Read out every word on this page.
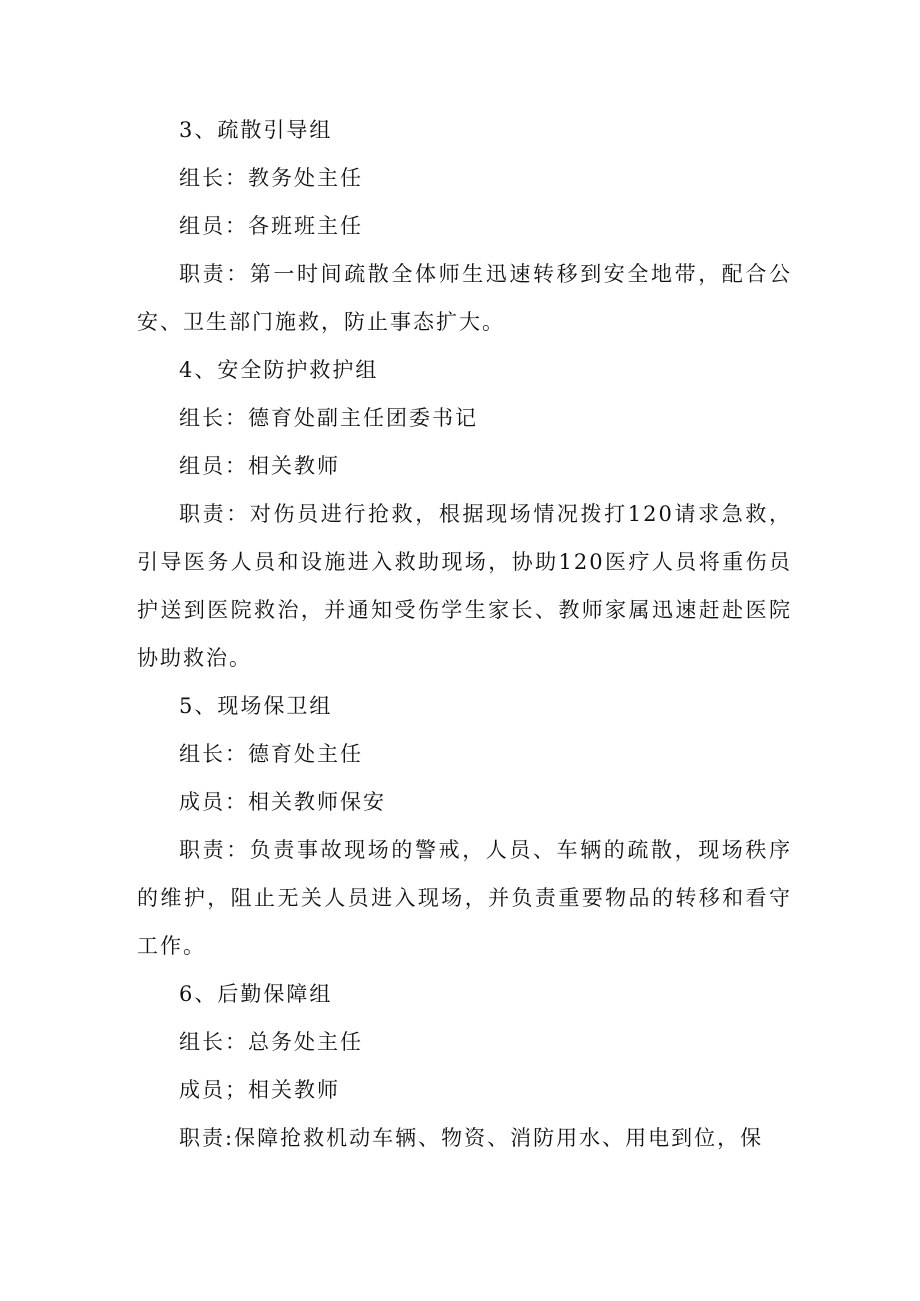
3、疏散引导组

组长：教务处主任

组员：各班班主任

职责：第一时间疏散全体师生迅速转移到安全地带，配合公安、卫生部门施救，防止事态扩大。

4、安全防护救护组

组长：德育处副主任团委书记

组员：相关教师

职责：对伤员进行抢救，根据现场情况拨打120请求急救，引导医务人员和设施进入救助现场，协助120医疗人员将重伤员护送到医院救治，并通知受伤学生家长、教师家属迅速赶赴医院协助救治。

5、现场保卫组

组长：德育处主任

成员：相关教师保安

职责：负责事故现场的警戒，人员、车辆的疏散，现场秩序的维护，阻止无关人员进入现场，并负责重要物品的转移和看守工作。

6、后勤保障组

组长：总务处主任

成员；相关教师

职责:保障抢救机动车辆、物资、消防用水、用电到位，保
